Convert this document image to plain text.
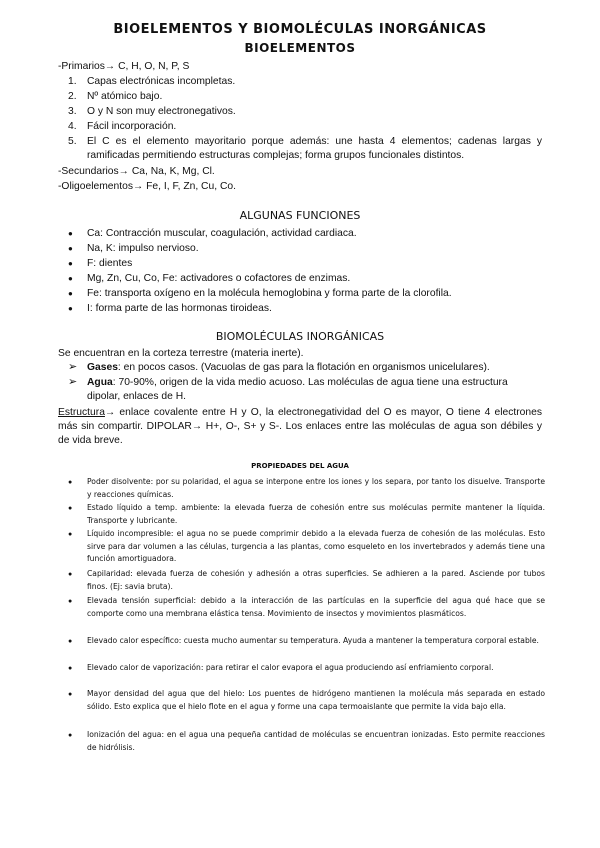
BIOELEMENTOS Y BIOMOLÉCULAS INORGÁNICAS
BIOELEMENTOS
-Primarios→ C, H, O, N, P, S
1. Capas electrónicas incompletas.
2. Nº atómico bajo.
3. O y N son muy electronegativos.
4. Fácil incorporación.
5. El C es el elemento mayoritario porque además: une hasta 4 elementos; cadenas largas y ramificadas permitiendo estructuras complejas; forma grupos funcionales distintos.
-Secundarios→ Ca, Na, K, Mg, Cl.
-Oligoelementos→ Fe, I, F, Zn, Cu, Co.
ALGUNAS FUNCIONES
● Ca: Contracción muscular, coagulación, actividad cardiaca.
● Na, K: impulso nervioso.
● F: dientes
● Mg, Zn, Cu, Co, Fe: activadores o cofactores de enzimas.
● Fe: transporta oxígeno en la molécula hemoglobina y forma parte de la clorofila.
● I: forma parte de las hormonas tiroideas.
BIOMOLÉCULAS INORGÁNICAS
Se encuentran en la corteza terrestre (materia inerte).
➢ Gases: en pocos casos. (Vacuolas de gas para la flotación en organismos unicelulares).
➢ Agua: 70-90%, origen de la vida medio acuoso. Las moléculas de agua tiene una estructura dipolar, enlaces de H.
Estructura→ enlace covalente entre H y O, la electronegatividad del O es mayor, O tiene 4 electrones más sin compartir. DIPOLAR→ H+, O-, S+ y S-. Los enlaces entre las moléculas de agua son débiles y de vida breve.
PROPIEDADES DEL AGUA
● Poder disolvente: por su polaridad, el agua se interpone entre los iones y los separa, por tanto los disuelve. Transporte y reacciones químicas.
● Estado líquido a temp. ambiente: la elevada fuerza de cohesión entre sus moléculas permite mantener la líquida. Transporte y lubricante.
● Líquido incompresible: el agua no se puede comprimir debido a la elevada fuerza de cohesión de las moléculas. Esto sirve para dar volumen a las células, turgencia a las plantas, como esqueleto en los invertebrados y además tiene una función amortiguadora.
● Capilaridad: elevada fuerza de cohesión y adhesión a otras superficies. Se adhieren a la pared. Asciende por tubos finos. (Ej: savia bruta).
● Elevada tensión superficial: debido a la interacción de las partículas en la superficie del agua qué hace que se comporte como una membrana elástica tensa. Movimiento de insectos y movimientos plasmáticos.
● Elevado calor específico: cuesta mucho aumentar su temperatura. Ayuda a mantener la temperatura corporal estable.
● Elevado calor de vaporización: para retirar el calor evapora el agua produciendo así enfriamiento corporal.
● Mayor densidad del agua que del hielo: Los puentes de hidrógeno mantienen la molécula más separada en estado sólido. Esto explica que el hielo flote en el agua y forme una capa termoaislante que permite la vida bajo ella.
● Ionización del agua: en el agua una pequeña cantidad de moléculas se encuentran ionizadas. Esto permite reacciones de hidrólisis.
